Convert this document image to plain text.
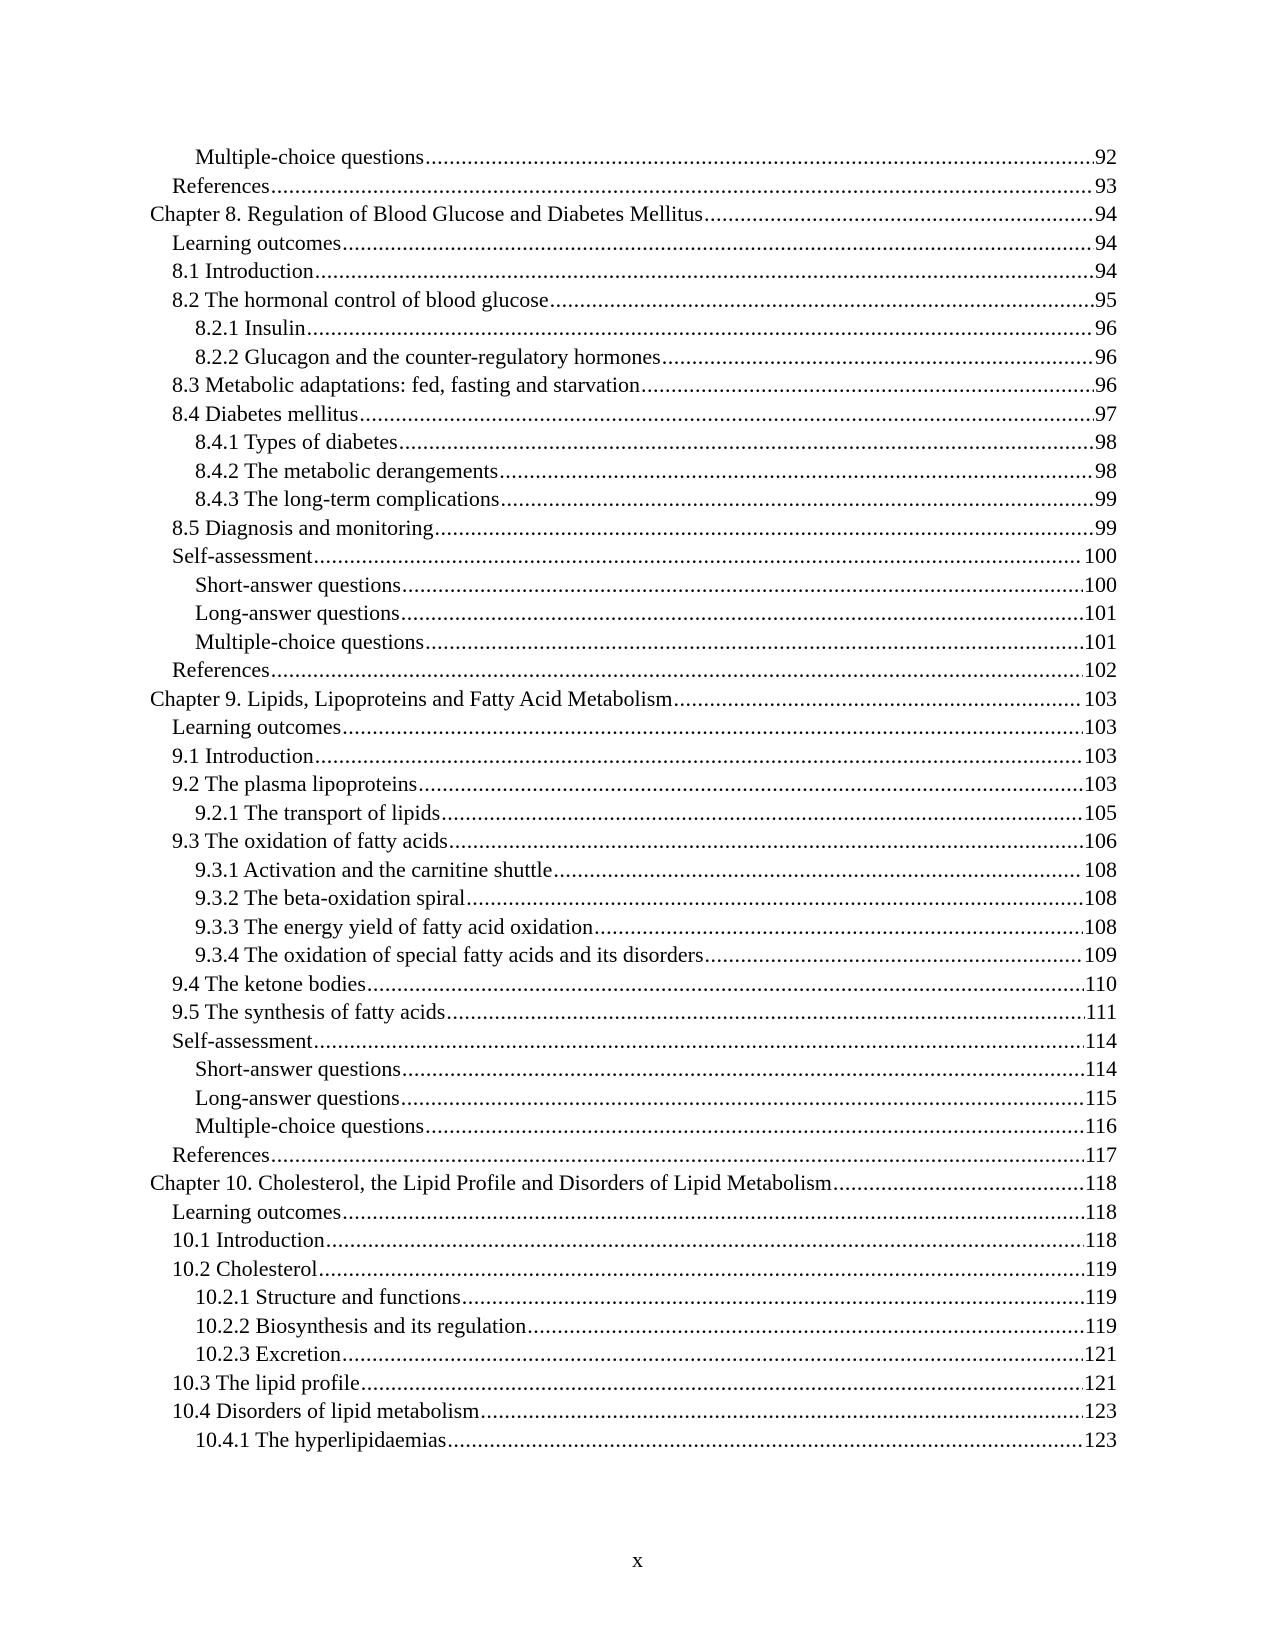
Multiple-choice questions .....	92
References .....	93
Chapter 8. Regulation of Blood Glucose and Diabetes Mellitus .....	94
Learning outcomes .....	94
8.1 Introduction .....	94
8.2 The hormonal control of blood glucose .....	95
8.2.1 Insulin .....	96
8.2.2 Glucagon and the counter-regulatory hormones .....	96
8.3 Metabolic adaptations: fed, fasting and starvation .....	96
8.4 Diabetes mellitus .....	97
8.4.1 Types of diabetes .....	98
8.4.2 The metabolic derangements .....	98
8.4.3 The long-term complications .....	99
8.5 Diagnosis and monitoring .....	99
Self-assessment .....	100
Short-answer questions .....	100
Long-answer questions .....	101
Multiple-choice questions .....	101
References .....	102
Chapter 9. Lipids, Lipoproteins and Fatty Acid Metabolism .....	103
Learning outcomes .....	103
9.1 Introduction .....	103
9.2 The plasma lipoproteins .....	103
9.2.1 The transport of lipids .....	105
9.3 The oxidation of fatty acids .....	106
9.3.1 Activation and the carnitine shuttle .....	108
9.3.2 The beta-oxidation spiral .....	108
9.3.3 The energy yield of fatty acid oxidation .....	108
9.3.4 The oxidation of special fatty acids and its disorders .....	109
9.4 The ketone bodies .....	110
9.5 The synthesis of fatty acids .....	111
Self-assessment .....	114
Short-answer questions .....	114
Long-answer questions .....	115
Multiple-choice questions .....	116
References .....	117
Chapter 10. Cholesterol, the Lipid Profile and Disorders of Lipid Metabolism .....	118
Learning outcomes .....	118
10.1 Introduction .....	118
10.2 Cholesterol .....	119
10.2.1 Structure and functions .....	119
10.2.2 Biosynthesis and its regulation .....	119
10.2.3 Excretion .....	121
10.3 The lipid profile .....	121
10.4 Disorders of lipid metabolism .....	123
10.4.1 The hyperlipidaemias .....	123
x
